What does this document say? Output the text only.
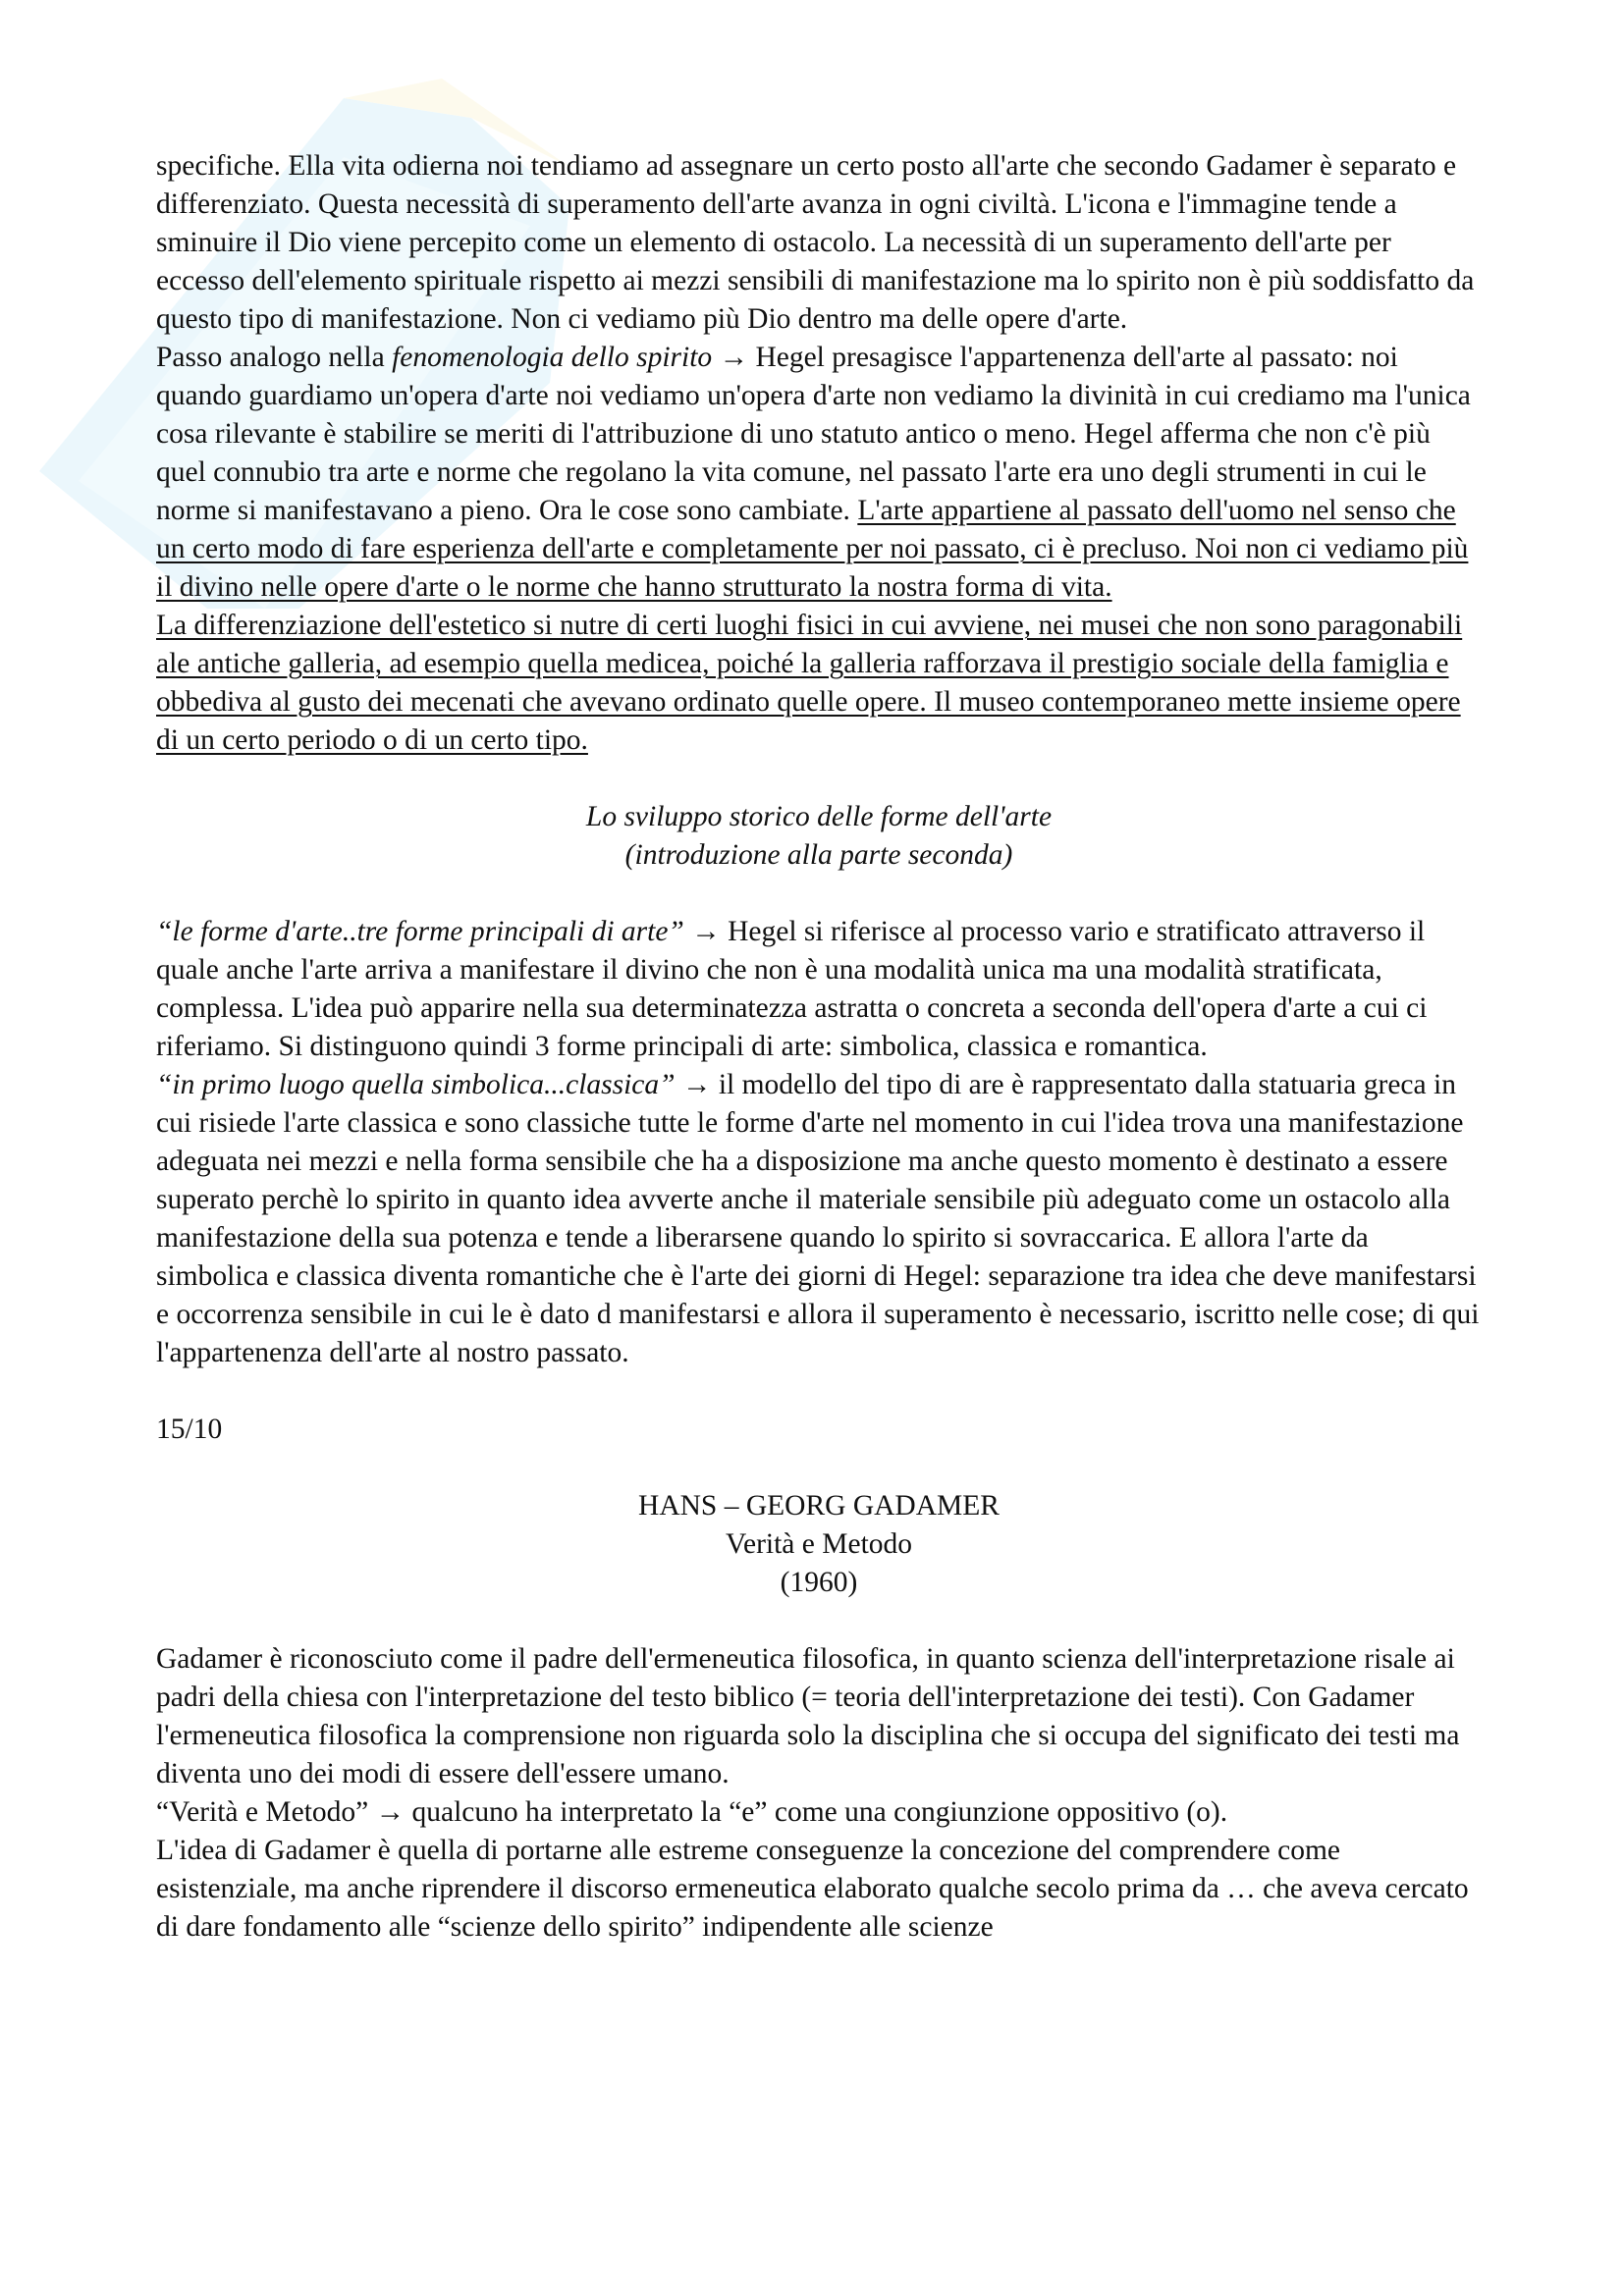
specifiche. Ella vita odierna noi tendiamo ad assegnare un certo posto all'arte che secondo Gadamer è separato e differenziato. Questa necessità di superamento dell'arte avanza in ogni civiltà. L'icona e l'immagine tende a sminuire il Dio viene percepito come un elemento di ostacolo. La necessità di un superamento dell'arte per eccesso dell'elemento spirituale rispetto ai mezzi sensibili di manifestazione ma lo spirito non è più soddisfatto da questo tipo di manifestazione. Non ci vediamo più Dio dentro ma delle opere d'arte.

Passo analogo nella fenomenologia dello spirito → Hegel presagisce l'appartenenza dell'arte al passato: noi quando guardiamo un'opera d'arte noi vediamo un'opera d'arte non vediamo la divinità in cui crediamo ma l'unica cosa rilevante è stabilire se meriti di l'attribuzione di uno statuto antico o meno. Hegel afferma che non c'è più quel connubio tra arte e norme che regolano la vita comune, nel passato l'arte era uno degli strumenti in cui le norme si manifestavano a pieno. Ora le cose sono cambiate. L'arte appartiene al passato dell'uomo nel senso che un certo modo di fare esperienza dell'arte e completamente per noi passato, ci è precluso. Noi non ci vediamo più il divino nelle opere d'arte o le norme che hanno strutturato la nostra forma di vita.

La differenziazione dell'estetico si nutre di certi luoghi fisici in cui avviene, nei musei che non sono paragonabili ale antiche galleria, ad esempio quella medicea, poiché la galleria rafforzava il prestigio sociale della famiglia e obbediva al gusto dei mecenati che avevano ordinato quelle opere. Il museo contemporaneo mette insieme opere di un certo periodo o di un certo tipo.

Lo sviluppo storico delle forme dell'arte

(introduzione alla parte seconda)

“le forme d'arte..tre forme principali di arte” → Hegel si riferisce al processo vario e stratificato attraverso il quale anche l'arte arriva a manifestare il divino che non è una modalità unica ma una modalità stratificata, complessa. L'idea può apparire nella sua determinatezza astratta o concreta a seconda dell'opera d'arte a cui ci riferiamo. Si distinguono quindi 3 forme principali di arte: simbolica, classica e romantica.

“in primo luogo quella simbolica...classica” → il modello del tipo di are è rappresentato dalla statuaria greca in cui risiede l'arte classica e sono classiche tutte le forme d'arte nel momento in cui l'idea trova una manifestazione adeguata nei mezzi e nella forma sensibile che ha a disposizione ma anche questo momento è destinato a essere superato perchè lo spirito in quanto idea avverte anche il materiale sensibile più adeguato come un ostacolo alla manifestazione della sua potenza e tende a liberarsene quando lo spirito si sovraccarica. E allora l'arte da simbolica e classica diventa romantiche che è l'arte dei giorni di Hegel: separazione tra idea che deve manifestarsi e occorrenza sensibile in cui le è dato d manifestarsi e allora il superamento è necessario, iscritto nelle cose; di qui l'appartenenza dell'arte al nostro passato.

15/10

HANS – GEORG GADAMER

Verità e Metodo

(1960)

Gadamer è riconosciuto come il padre dell'ermeneutica filosofica, in quanto scienza dell'interpretazione risale ai padri della chiesa con l'interpretazione del testo biblico (= teoria dell'interpretazione dei testi). Con Gadamer l'ermeneutica filosofica la comprensione non riguarda solo la disciplina che si occupa del significato dei testi ma diventa uno dei modi di essere dell'essere umano.

“Verità e Metodo” → qualcuno ha interpretato la “e” come una congiunzione oppositivo (o).

L'idea di Gadamer è quella di portarne alle estreme conseguenze la concezione del comprendere come esistenziale, ma anche riprendere il discorso ermeneutica elaborato qualche secolo prima da … che aveva cercato di dare fondamento alle “scienze dello spirito” indipendente alle scienze
